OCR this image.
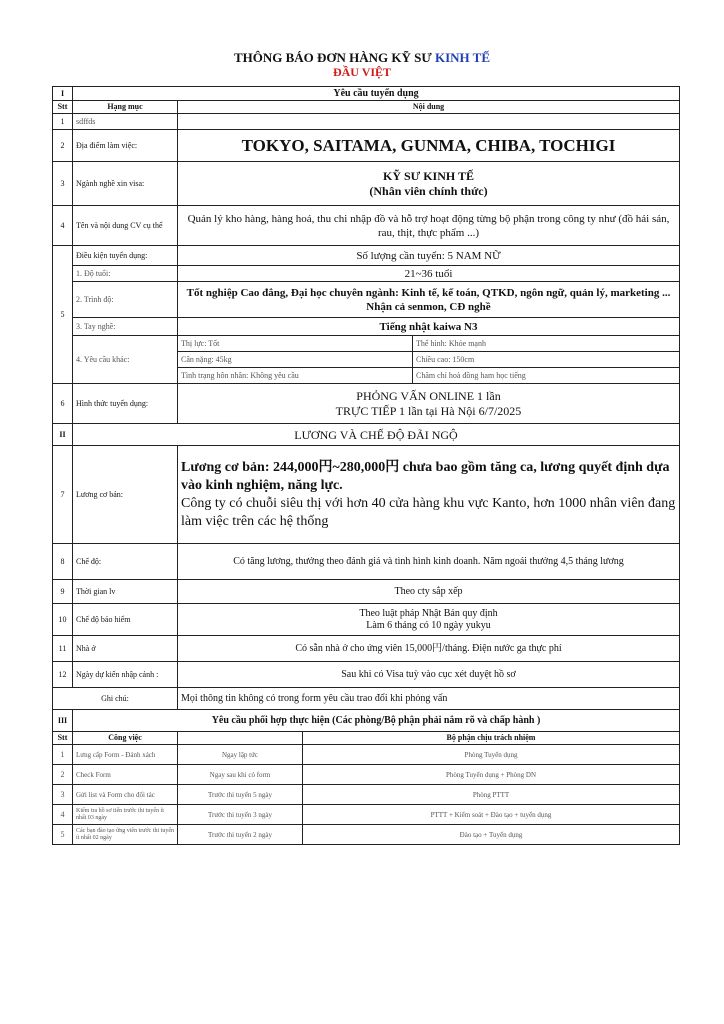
THÔNG BÁO ĐƠN HÀNG KỸ SƯ KINH TẾ
ĐẦU VIỆT
I	Yêu cầu tuyển dụng			
Stt	Hạng mục	Nội dung		
1	sdffds			
2	Địa điểm làm việc:	TOKYO, SAITAMA, GUNMA, CHIBA, TOCHIGI		
3	Ngành nghề xin visa:	KỸ SƯ KINH TẾ
(Nhân viên chính thức)		

4	Tên và nội dung CV cụ thể	Quản lý kho hàng, hàng hoá, thu chi nhập đồ và hỗ trợ hoạt động từng bộ phận trong công ty như (đồ hải sản, rau, thịt, thực phẩm ...)		
5	Điều kiện tuyển dụng:	Số lượng cần tuyển: 5 NAM NỮ		
	1. Độ tuổi:	21~36 tuổi		
	2. Trình độ:	Tốt nghiệp Cao đẳng, Đại học chuyên ngành: Kinh tế, kế toán, QTKD, ngôn ngữ, quản lý, marketing ... Nhận cả senmon, CĐ nghề		
	3. Tay nghề:	Tiếng nhật kaiwa N3		
	4. Yêu cầu khác:	Thị lực: Tốt		Thể hình: Khỏe mạnh
		Cân nặng: 45kg		Chiều cao: 150cm
		Tình trạng hôn nhân: Không yêu cầu		Chăm chỉ hoà đồng ham học tiếng
6	Hình thức tuyển dụng:	PHỎNG VẤN ONLINE 1 lần
TRỰC TIẾP 1 lần tại Hà Nội 6/7/2025		

II	LƯƠNG VÀ CHẾ ĐỘ ĐÃI NGỘ			
7	Lương cơ bản:	Lương cơ bản: 244,000円~280,000円 chưa bao gồm tăng ca, lương quyết định dựa vào kinh nghiệm, năng lực.
Công ty có chuỗi siêu thị với hơn 40 cửa hàng khu vực Kanto, hơn 1000 nhân viên đang làm việc trên các hệ thống		

8	Chế độ:	Có tăng lương, thưởng theo đánh giá và tình hình kinh doanh. Năm ngoái thưởng 4,5 tháng lương		
9	Thời gian lv	Theo cty sắp xếp		
10	Chế độ bảo hiểm	Theo luật pháp Nhật Bản quy định
Làm 6 tháng có 10 ngày yukyu		

11	Nhà ở	Có sẵn nhà ở cho ứng viên 15,000円/tháng. Điện nước ga thực phí		
12	Ngày dự kiến nhập cảnh :	Sau khi có Visa tuỳ vào cục xét duyệt hồ sơ		
Ghi chú:		Mọi thông tin không có trong form yêu cầu trao đổi khi phỏng vấn		
III	Yêu cầu phối hợp thực hiện (Các phòng/Bộ phận phải nắm rõ và chấp hành )			
Stt	Công việc		Bộ phận chịu trách nhiệm	
1	Lưng cấp Form - Đánh xách	Ngay lập tức	Phòng Tuyển dụng	
2	Check Form	Ngay sau khi có form	Phòng Tuyển dụng + Phòng DN	
3	Gửi list và Form cho đối tác	Trước thi tuyển 5 ngày	Phòng PTTT	
4	Kiểm tra hồ sơ tiến trước thi tuyển ít nhất 03 ngày	Trước thi tuyển 3 ngày	PTTT + Kiểm soát + Đào tạo + tuyển dụng	
5	Các bạn đào tạo ứng viên trước thi tuyển ít nhất 02 ngày	Trước thi tuyển 2 ngày	Đào tạo + Tuyển dụng	
